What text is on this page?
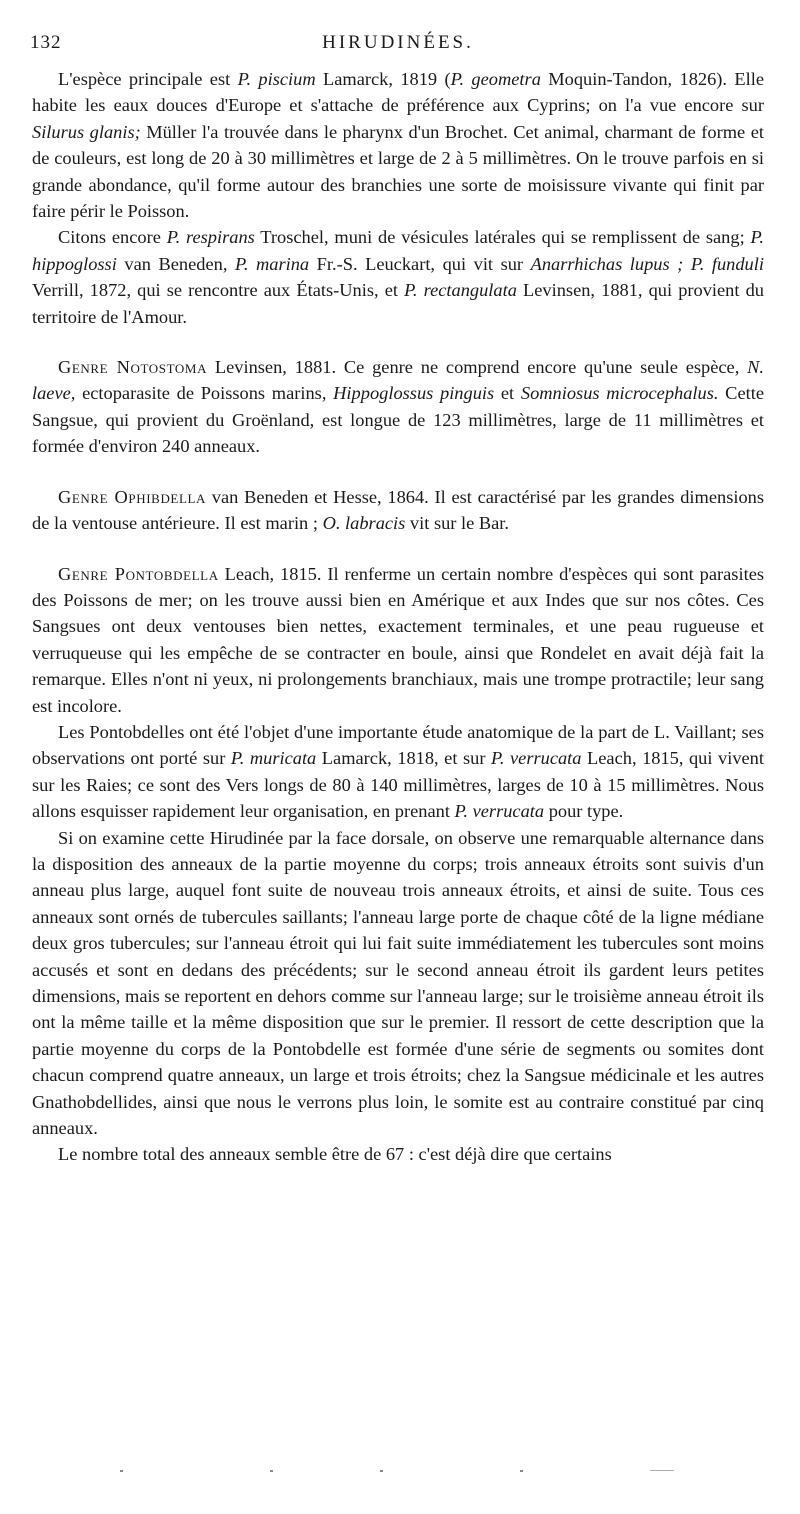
132	HIRUDINÉES.

L'espèce principale est P. piscium Lamarck, 1819 (P. geometra Moquin-Tandon, 1826). Elle habite les eaux douces d'Europe et s'attache de préférence aux Cyprins; on l'a vue encore sur Silurus glanis; Müller l'a trouvée dans le pharynx d'un Brochet. Cet animal, charmant de forme et de couleurs, est long de 20 à 30 millimètres et large de 2 à 5 millimètres. On le trouve parfois en si grande abondance, qu'il forme autour des branchies une sorte de moisissure vivante qui finit par faire périr le Poisson.

Citons encore P. respirans Troschel, muni de vésicules latérales qui se remplissent de sang; P. hippoglossi van Beneden, P. marina Fr.-S. Leuckart, qui vit sur Anarrhichas lupus ; P. funduli Verrill, 1872, qui se rencontre aux États-Unis, et P. rectangulata Levinsen, 1881, qui provient du territoire de l'Amour.

Genre Notostoma Levinsen, 1881. Ce genre ne comprend encore qu'une seule espèce, N. laeve, ectoparasite de Poissons marins, Hippoglossus pinguis et Somniosus microcephalus. Cette Sangsue, qui provient du Groënland, est longue de 123 millimètres, large de 11 millimètres et formée d'environ 240 anneaux.

Genre Ophibdella van Beneden et Hesse, 1864. Il est caractérisé par les grandes dimensions de la ventouse antérieure. Il est marin ; O. labracis vit sur le Bar.

Genre Pontobdella Leach, 1815. Il renferme un certain nombre d'espèces qui sont parasites des Poissons de mer; on les trouve aussi bien en Amérique et aux Indes que sur nos côtes. Ces Sangsues ont deux ventouses bien nettes, exactement terminales, et une peau rugueuse et verruqueuse qui les empêche de se contracter en boule, ainsi que Rondelet en avait déjà fait la remarque. Elles n'ont ni yeux, ni prolongements branchiaux, mais une trompe protractile; leur sang est incolore.

Les Pontobdelles ont été l'objet d'une importante étude anatomique de la part de L. Vaillant; ses observations ont porté sur P. muricata Lamarck, 1818, et sur P. verrucata Leach, 1815, qui vivent sur les Raies; ce sont des Vers longs de 80 à 140 millimètres, larges de 10 à 15 millimètres. Nous allons esquisser rapidement leur organisation, en prenant P. verrucata pour type.

Si on examine cette Hirudinée par la face dorsale, on observe une remarquable alternance dans la disposition des anneaux de la partie moyenne du corps; trois anneaux étroits sont suivis d'un anneau plus large, auquel font suite de nouveau trois anneaux étroits, et ainsi de suite. Tous ces anneaux sont ornés de tubercules saillants; l'anneau large porte de chaque côté de la ligne médiane deux gros tubercules; sur l'anneau étroit qui lui fait suite immédiatement les tubercules sont moins accusés et sont en dedans des précédents; sur le second anneau étroit ils gardent leurs petites dimensions, mais se reportent en dehors comme sur l'anneau large; sur le troisième anneau étroit ils ont la même taille et la même disposition que sur le premier. Il ressort de cette description que la partie moyenne du corps de la Pontobdelle est formée d'une série de segments ou somites dont chacun comprend quatre anneaux, un large et trois étroits; chez la Sangsue médicinale et les autres Gnathobdellides, ainsi que nous le verrons plus loin, le somite est au contraire constitué par cinq anneaux.

Le nombre total des anneaux semble être de 67 : c'est déjà dire que certains
